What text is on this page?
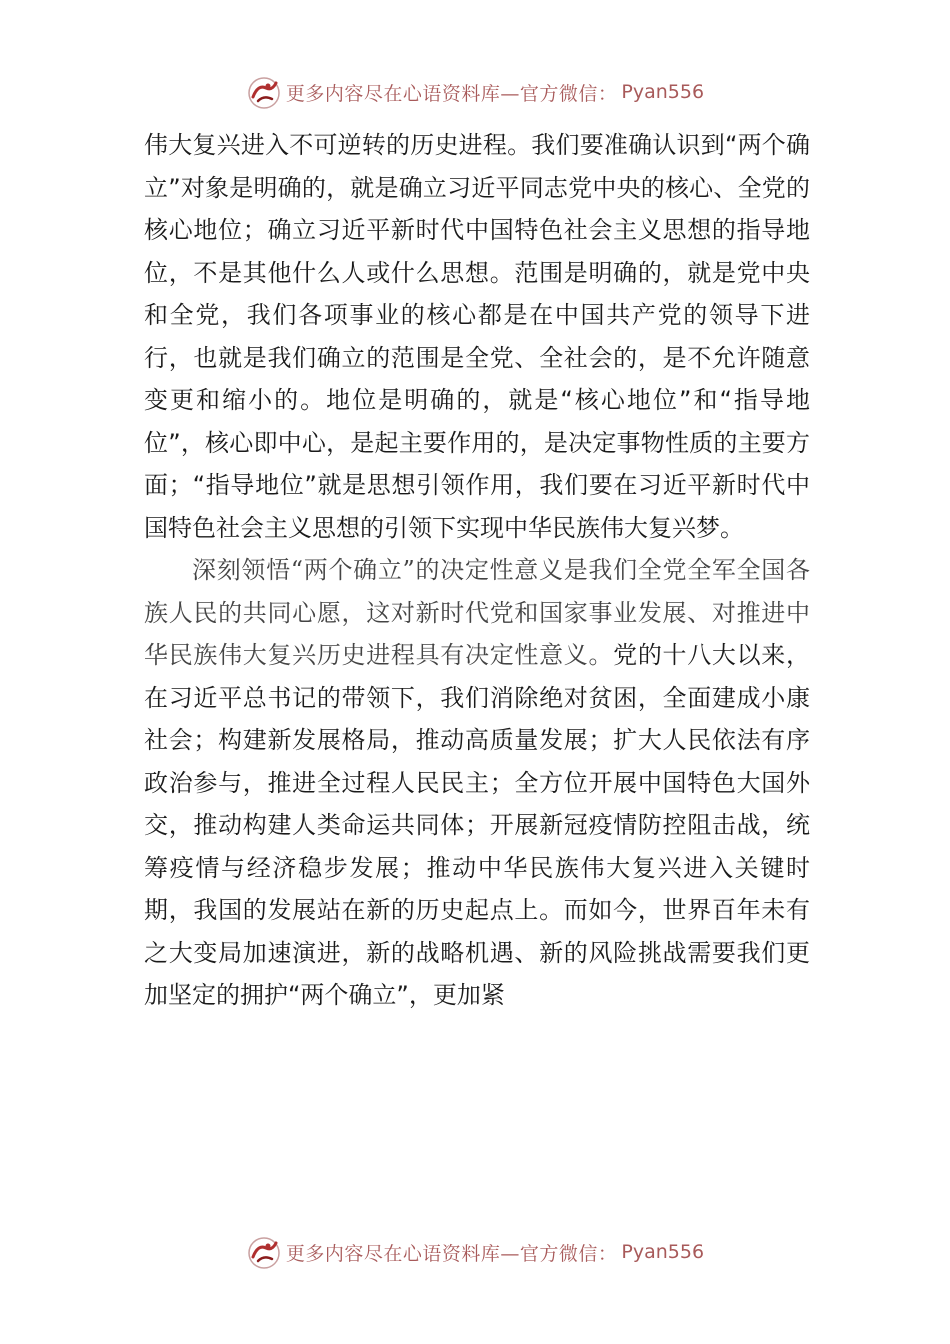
更多内容尽在心语资料库—官方微信： Pyan556

伟大复兴进入不可逆转的历史进程。我们要准确认识到“两个确立”对象是明确的，就是确立习近平同志党中央的核心、全党的核心地位；确立习近平新时代中国特色社会主义思想的指导地位，不是其他什么人或什么思想。范围是明确的，就是党中央和全党，我们各项事业的核心都是在中国共产党的领导下进行，也就是我们确立的范围是全党、全社会的，是不允许随意变更和缩小的。地位是明确的，就是“核心地位”和“指导地位”，核心即中心，是起主要作用的，是决定事物性质的主要方面；“指导地位”就是思想引领作用，我们要在习近平新时代中国特色社会主义思想的引领下实现中华民族伟大复兴梦。

深刻领悟“两个确立”的决定性意义是我们全党全军全国各族人民的共同心愿，这对新时代党和国家事业发展、对推进中华民族伟大复兴历史进程具有决定性意义。党的十八大以来，在习近平总书记的带领下，我们消除绝对贫困，全面建成小康社会；构建新发展格局，推动高质量发展；扩大人民依法有序政治参与，推进全过程人民民主；全方位开展中国特色大国外交，推动构建人类命运共同体；开展新冠疫情防控阻击战，统筹疫情与经济稳步发展；推动中华民族伟大复兴进入关键时期，我国的发展站在新的历史起点上。而如今，世界百年未有之大变局加速演进，新的战略机遇、新的风险挑战需要我们更加坚定的拥护“两个确立”，更加紧

更多内容尽在心语资料库—官方微信： Pyan556
